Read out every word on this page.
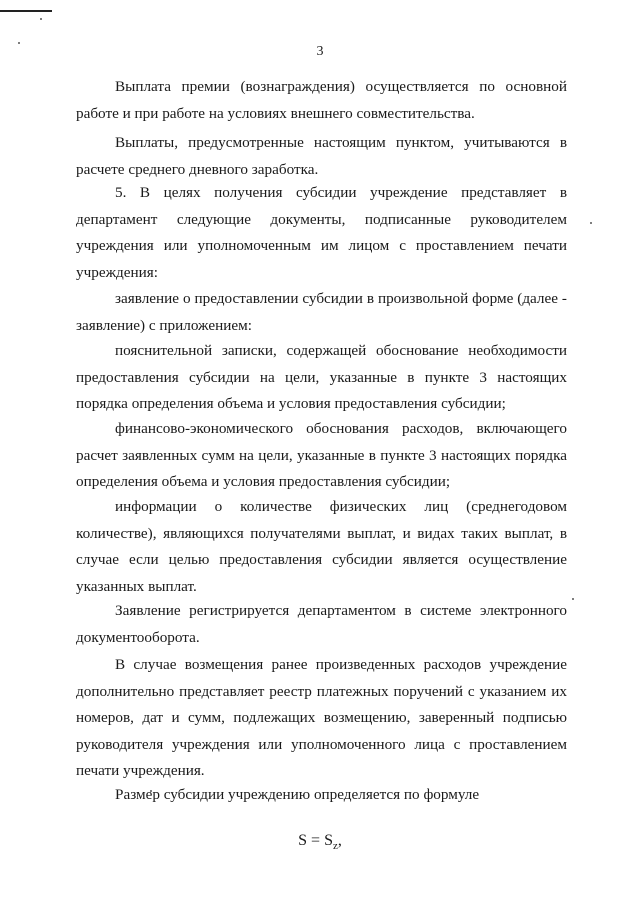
3
Выплата премии (вознаграждения) осуществляется по основной
работе и при работе на условиях внешнего совместительства.
Выплаты, предусмотренные настоящим пунктом, учитываются в
расчете среднего дневного заработка.
5. В целях получения субсидии учреждение представляет в
департамент следующие документы, подписанные руководителем
учреждения или уполномоченным им лицом с проставлением печати
учреждения:
заявление о предоставлении субсидии в произвольной форме (далее -
заявление) с приложением:
пояснительной записки, содержащей обоснование необходимости
предоставления субсидии на цели, указанные в пункте 3 настоящих
порядка определения объема и условия предоставления субсидии;
финансово-экономического обоснования расходов, включающего
расчет заявленных сумм на цели, указанные в пункте 3 настоящих порядка
определения объема и условия предоставления субсидии;
информации о количестве физических лиц (среднегодовом
количестве), являющихся получателями выплат, и видах таких выплат, в
случае если целью предоставления субсидии является осуществление
указанных выплат.
Заявление регистрируется департаментом в системе электронного
документооборота.
В случае возмещения ранее произведенных расходов учреждение
дополнительно представляет реестр платежных поручений с указанием их
номеров, дат и сумм, подлежащих возмещению, заверенный подписью
руководителя учреждения или уполномоченного лица с проставлением
печати учреждения.
Размер субсидии учреждению определяется по формуле
$S = S_z$,
